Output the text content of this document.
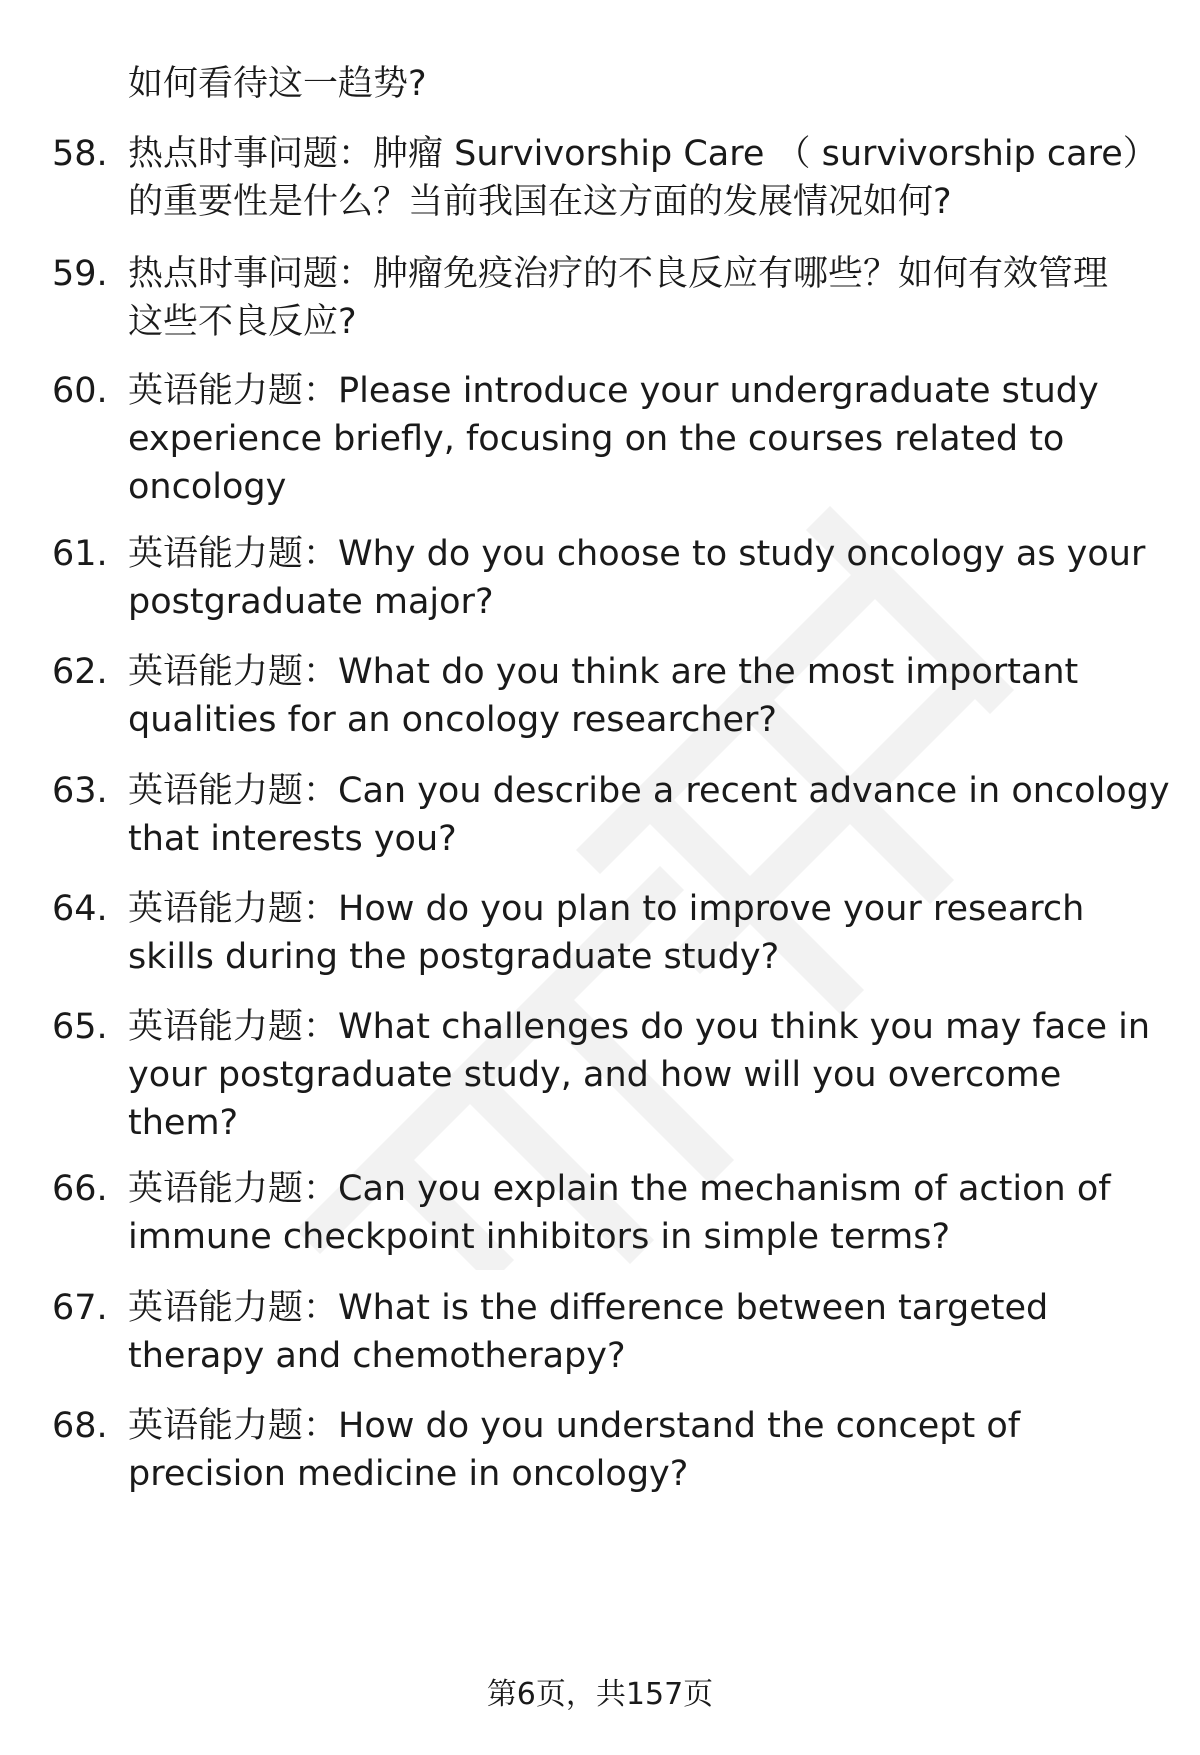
如何看待这一趋势?
58. 热点时事问题：肿瘤 Survivorship Care （ survivorship care）
的重要性是什么？当前我国在这方面的发展情况如何?
59. 热点时事问题：肿瘤免疫治疗的不良反应有哪些？如何有效管理
这些不良反应?
60. 英语能力题：Please introduce your undergraduate study
experience briefly, focusing on the courses related to
oncology
61. 英语能力题：Why do you choose to study oncology as your
postgraduate major?
62. 英语能力题：What do you think are the most important
qualities for an oncology researcher?
63. 英语能力题：Can you describe a recent advance in oncology
that interests you?
64. 英语能力题：How do you plan to improve your research
skills during the postgraduate study?
65. 英语能力题：What challenges do you think you may face in
your postgraduate study, and how will you overcome
them?
66. 英语能力题：Can you explain the mechanism of action of
immune checkpoint inhibitors in simple terms?
67. 英语能力题：What is the difference between targeted
therapy and chemotherapy?
68. 英语能力题：How do you understand the concept of
precision medicine in oncology?
第6页，共157页
